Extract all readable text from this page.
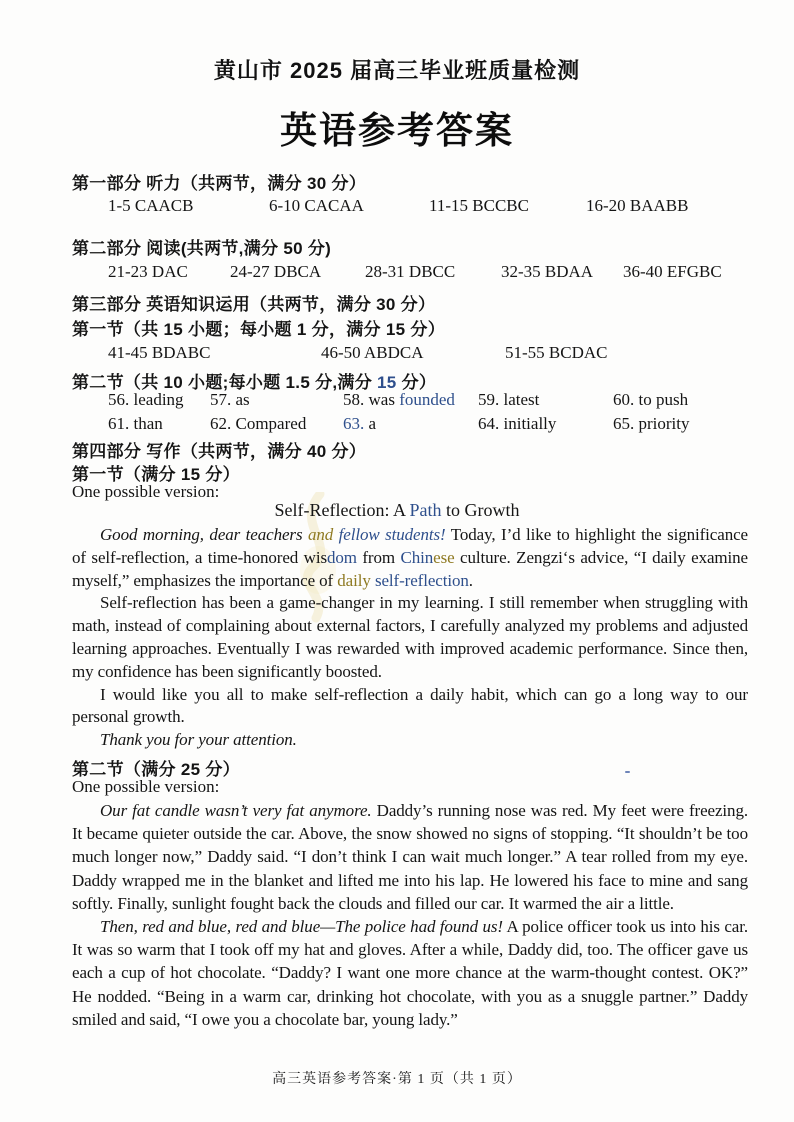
黄山市 2025 届高三毕业班质量检测
英语参考答案
第一部分 听力（共两节，满分 30 分）
1-5 CAACB	6-10 CACAA	11-15 BCCBC	16-20 BAABB
第二部分 阅读(共两节,满分 50 分)
21-23 DAC 24-27 DBCA	28-31 DBCC	32-35 BDAA 36-40 EFGBC
第三部分 英语知识运用（共两节，满分 30 分）
第一节（共 15 小题；每小题 1 分，满分 15 分）
41-45 BDABC	46-50 ABDCA	51-55 BCDAC
第二节（共 10 小题;每小题 1.5 分,满分 15 分）
56. leading 57. as	58. was founded 59. latest	60. to push
61. than	62. Compared 63. a	64. initially	65. priority
第四部分 写作（共两节，满分 40 分）
第一节（满分 15 分）
One possible version:
Self-Reflection: A Path to Growth

Good morning, dear teachers and fellow students! Today, I’d like to highlight the significance of self-reflection, a time-honored wisdom from Chinese culture. Zengzi‘s advice, “I daily examine myself,” emphasizes the importance of daily self-reflection.

Self-reflection has been a game-changer in my learning. I still remember when struggling with math, instead of complaining about external factors, I carefully analyzed my problems and adjusted learning approaches. Eventually I was rewarded with improved academic performance. Since then, my confidence has been significantly boosted.

I would like you all to make self-reflection a daily habit, which can go a long way to our personal growth.

Thank you for your attention.

第二节（满分 25 分）
One possible version:

Our fat candle wasn’t very fat anymore. Daddy’s running nose was red. My feet were freezing. It became quieter outside the car. Above, the snow showed no signs of stopping. “It shouldn’t be too much longer now,” Daddy said. “I don’t think I can wait much longer.” A tear rolled from my eye. Daddy wrapped me in the blanket and lifted me into his lap. He lowered his face to mine and sang softly. Finally, sunlight fought back the clouds and filled our car. It warmed the air a little.

Then, red and blue, red and blue—The police had found us! A police officer took us into his car. It was so warm that I took off my hat and gloves. After a while, Daddy did, too. The officer gave us each a cup of hot chocolate. “Daddy? I want one more chance at the warm-thought contest. OK?” He nodded. “Being in a warm car, drinking hot chocolate, with you as a snuggle partner.” Daddy smiled and said, “I owe you a chocolate bar, young lady.”

高三英语参考答案·第 1 页（共 1 页）
